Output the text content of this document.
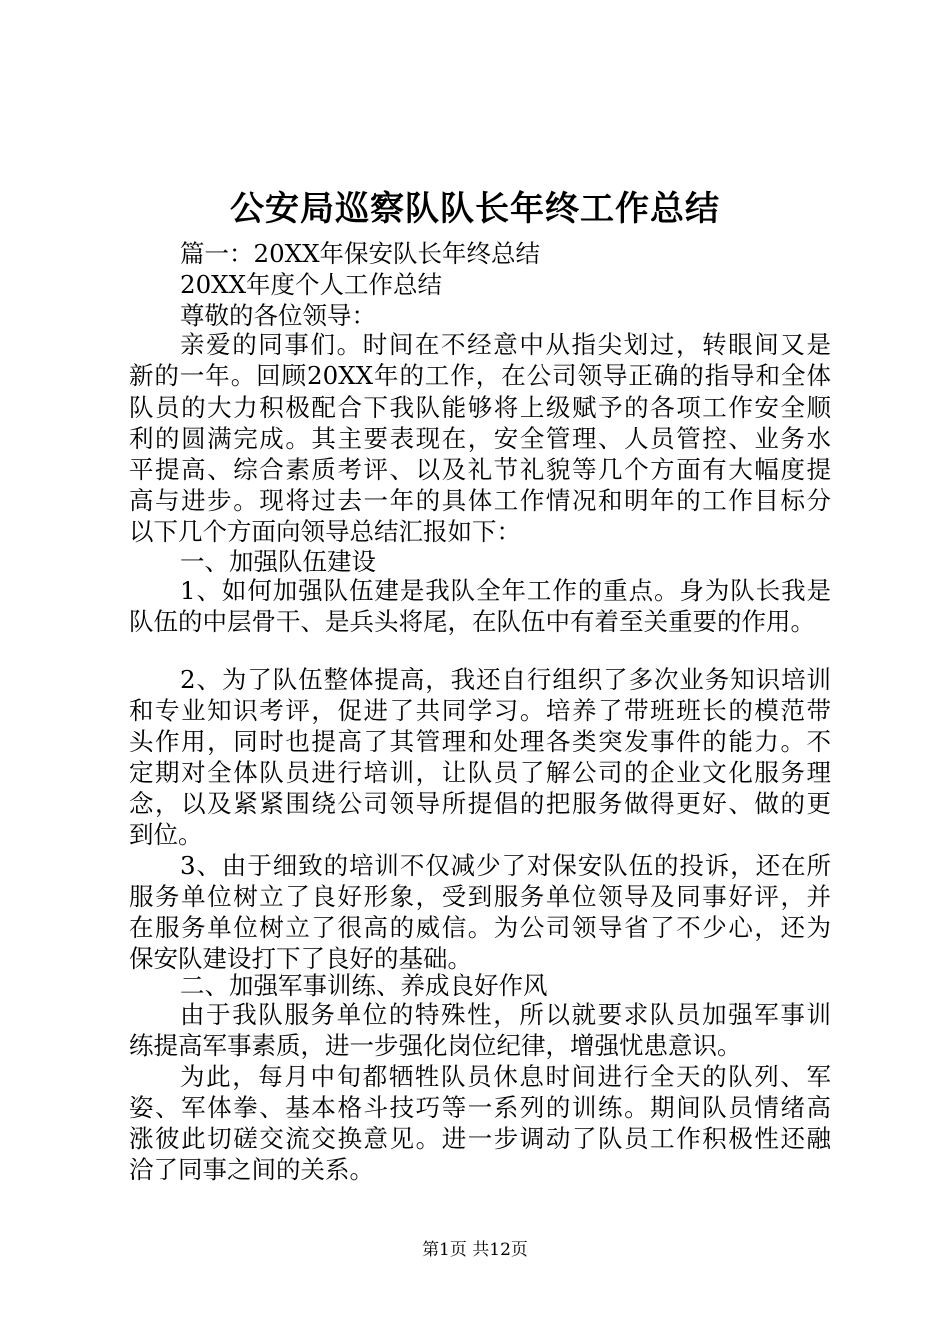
公安局巡察队队长年终工作总结
篇一：20XX年保安队长年终总结
20XX年度个人工作总结
尊敬的各位领导：
亲爱的同事们。时间在不经意中从指尖划过，转眼间又是
新的一年。回顾20XX年的工作，在公司领导正确的指导和全体
队员的大力积极配合下我队能够将上级赋予的各项工作安全顺
利的圆满完成。其主要表现在，安全管理、人员管控、业务水
平提高、综合素质考评、以及礼节礼貌等几个方面有大幅度提
高与进步。现将过去一年的具体工作情况和明年的工作目标分
以下几个方面向领导总结汇报如下：
一、加强队伍建设
1、如何加强队伍建是我队全年工作的重点。身为队长我是
队伍的中层骨干、是兵头将尾，在队伍中有着至关重要的作用。
2、为了队伍整体提高，我还自行组织了多次业务知识培训
和专业知识考评，促进了共同学习。培养了带班班长的模范带
头作用，同时也提高了其管理和处理各类突发事件的能力。不
定期对全体队员进行培训，让队员了解公司的企业文化服务理
念，以及紧紧围绕公司领导所提倡的把服务做得更好、做的更
到位。
3、由于细致的培训不仅减少了对保安队伍的投诉，还在所
服务单位树立了良好形象，受到服务单位领导及同事好评，并
在服务单位树立了很高的威信。为公司领导省了不少心，还为
保安队建设打下了良好的基础。
二、加强军事训练、养成良好作风
由于我队服务单位的特殊性，所以就要求队员加强军事训
练提高军事素质，进一步强化岗位纪律，增强忧患意识。
为此，每月中旬都牺牲队员休息时间进行全天的队列、军
姿、军体拳、基本格斗技巧等一系列的训练。期间队员情绪高
涨彼此切磋交流交换意见。进一步调动了队员工作积极性还融
洽了同事之间的关系。
第1页 共12页
